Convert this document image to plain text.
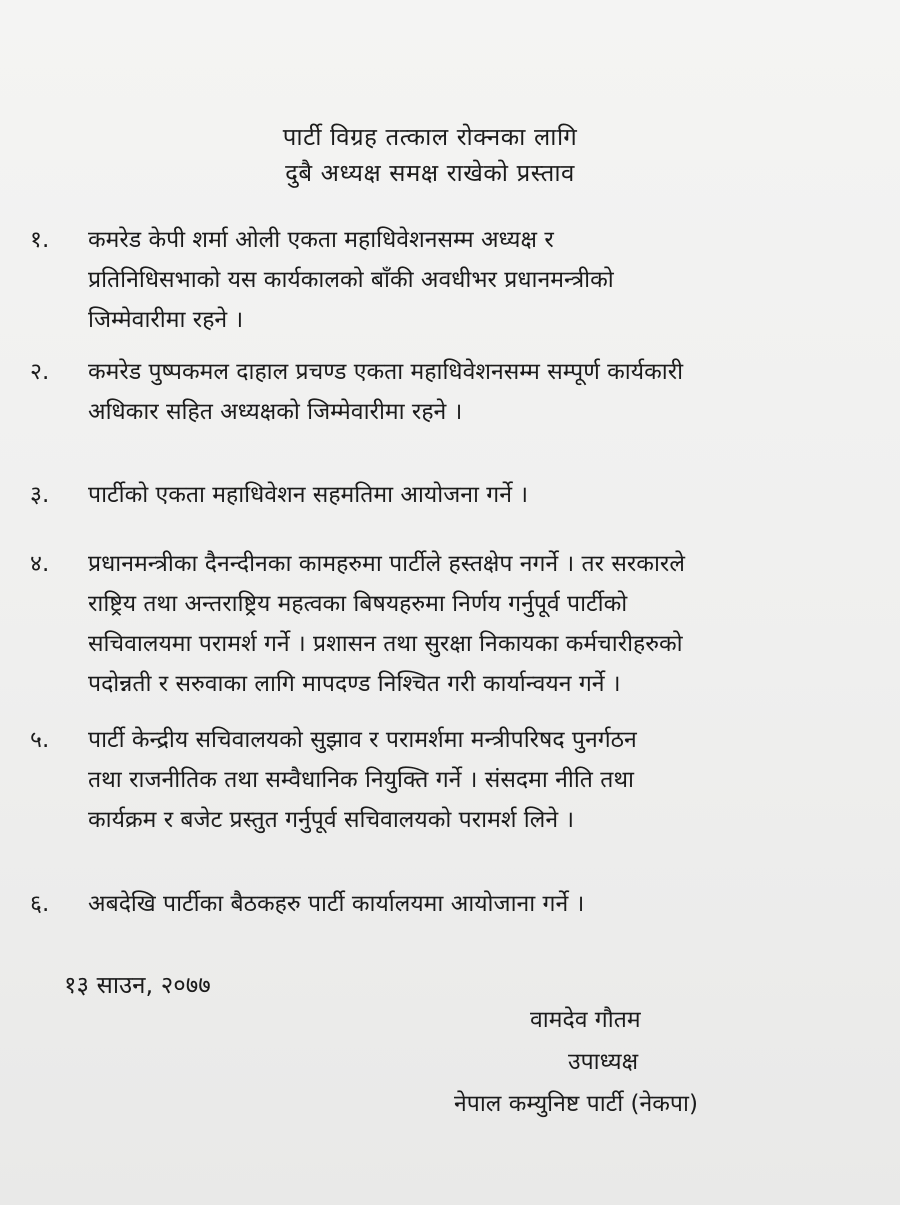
पार्टी विग्रह तत्काल रोक्नका लागि
दुबै अध्यक्ष समक्ष राखेको प्रस्ताव
१.	कमरेड केपी शर्मा ओली एकता महाधिवेशनसम्म अध्यक्ष र
प्रतिनिधिसभाको यस कार्यकालको बाँकी अवधीभर प्रधानमन्त्रीको
जिम्मेवारीमा रहने ।
२.	कमरेड पुष्पकमल दाहाल प्रचण्ड एकता महाधिवेशनसम्म सम्पूर्ण कार्यकारी
अधिकार सहित अध्यक्षको जिम्मेवारीमा रहने ।
३.	पार्टीको एकता महाधिवेशन सहमतिमा आयोजना गर्ने ।
४.	प्रधानमन्त्रीका दैनन्दीनका कामहरुमा पार्टीले हस्तक्षेप नगर्ने । तर सरकारले
राष्ट्रिय तथा अन्तराष्ट्रिय महत्वका बिषयहरुमा निर्णय गर्नुपूर्व पार्टीको
सचिवालयमा परामर्श गर्ने । प्रशासन तथा सुरक्षा निकायका कर्मचारीहरुको
पदोन्नती र सरुवाका लागि मापदण्ड निश्चित गरी कार्यान्वयन गर्ने ।
५.	पार्टी केन्द्रीय सचिवालयको सुझाव र परामर्शमा मन्त्रीपरिषद पुनर्गठन
तथा राजनीतिक तथा सम्वैधानिक नियुक्ति गर्ने । संसदमा नीति तथा
कार्यक्रम र बजेट प्रस्तुत गर्नुपूर्व सचिवालयको परामर्श लिने ।
६.	अबदेखि पार्टीका बैठकहरु पार्टी कार्यालयमा आयोजाना गर्ने ।
१३ साउन, २०७७
वामदेव गौतम
उपाध्यक्ष
नेपाल कम्युनिष्ट पार्टी (नेकपा)
